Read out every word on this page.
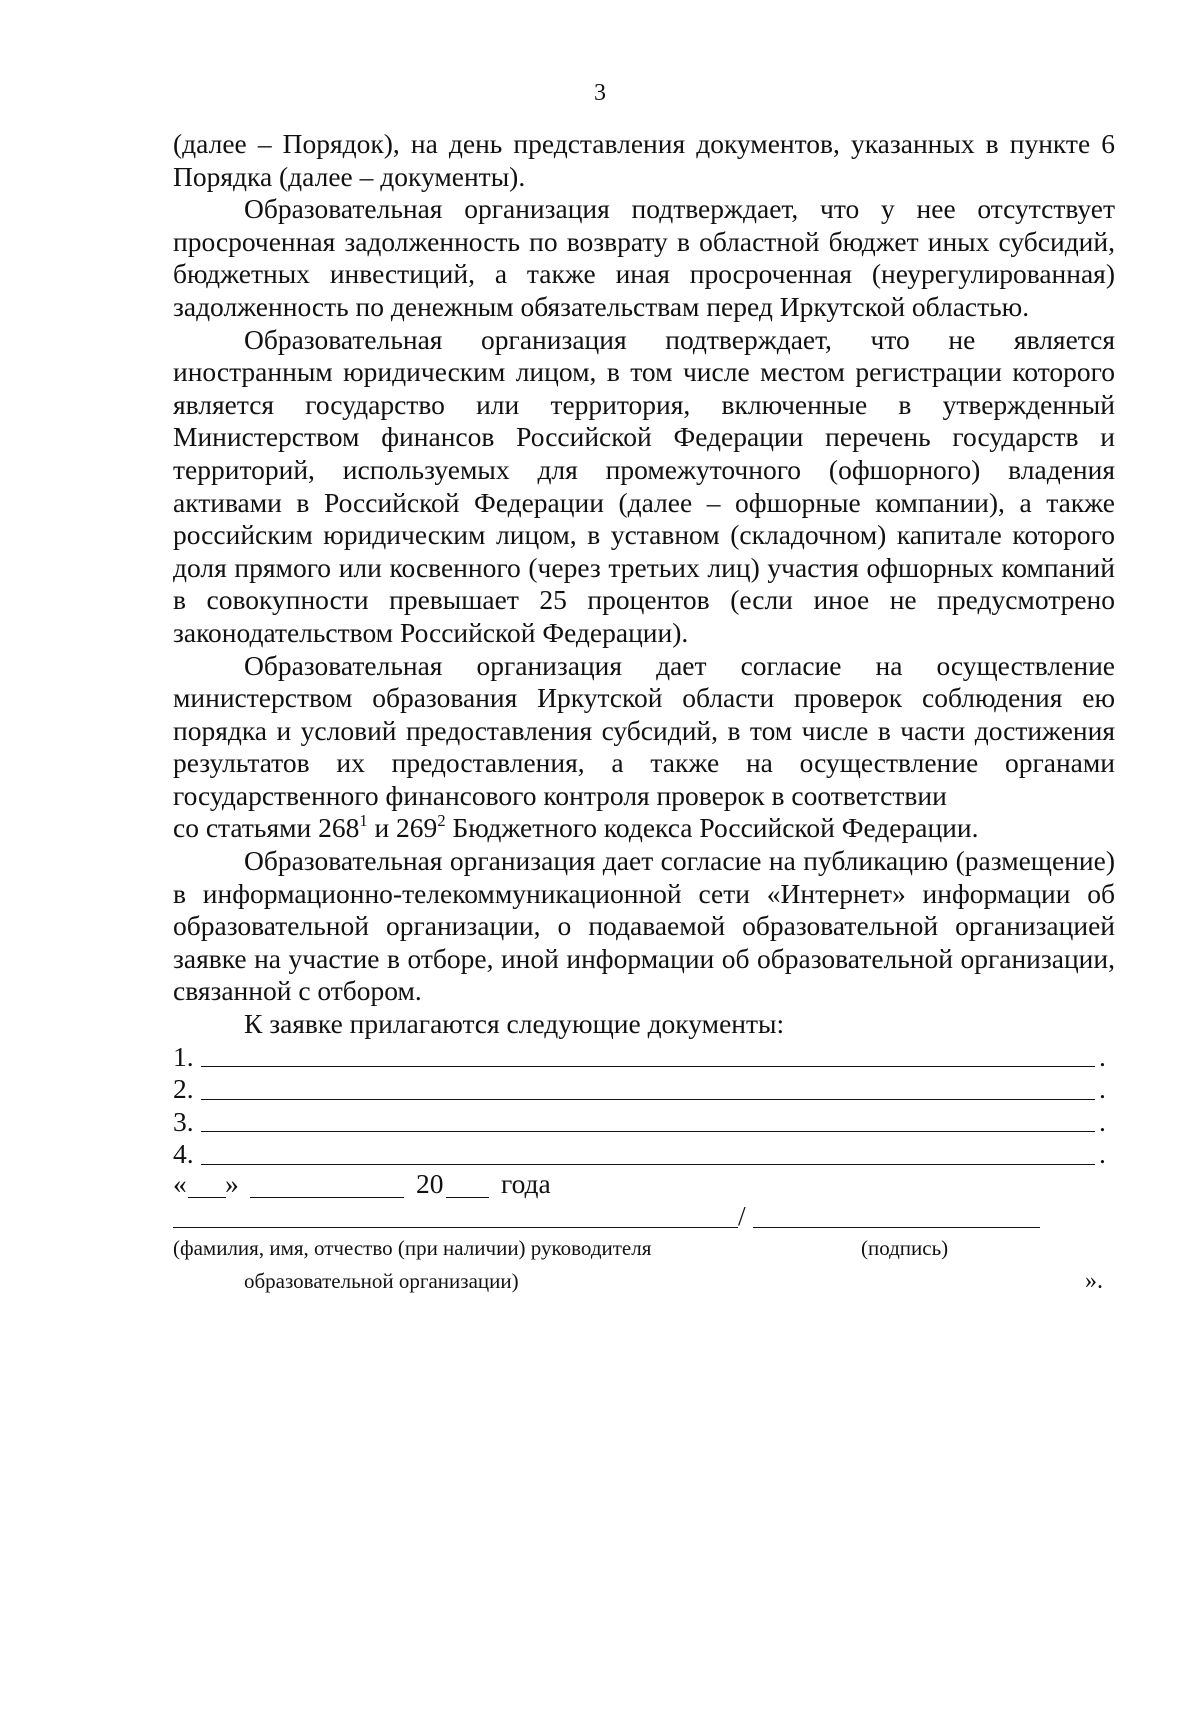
3

(далее – Порядок), на день представления документов, указанных в пункте 6 Порядка (далее – документы).

Образовательная организация подтверждает, что у нее отсутствует просроченная задолженность по возврату в областной бюджет иных субсидий, бюджетных инвестиций, а также иная просроченная (неурегулированная) задолженность по денежным обязательствам перед Иркутской областью.

Образовательная организация подтверждает, что не является иностранным юридическим лицом, в том числе местом регистрации которого является государство или территория, включенные в утвержденный Министерством финансов Российской Федерации перечень государств и территорий, используемых для промежуточного (офшорного) владения активами в Российской Федерации (далее – офшорные компании), а также российским юридическим лицом, в уставном (складочном) капитале которого доля прямого или косвенного (через третьих лиц) участия офшорных компаний в совокупности превышает 25 процентов (если иное не предусмотрено законодательством Российской Федерации).

Образовательная организация дает согласие на осуществление министерством образования Иркутской области проверок соблюдения ею порядка и условий предоставления субсидий, в том числе в части достижения результатов их предоставления, а также на осуществление органами государственного финансового контроля проверок в соответствии

со статьями $268^1$ и $269^2$ Бюджетного кодекса Российской Федерации.

Образовательная организация дает согласие на публикацию (размещение) в информационно-телекоммуникационной сети «Интернет» информации об образовательной организации, о подаваемой образовательной организацией заявке на участие в отборе, иной информации об образовательной организации, связанной с отбором.

К заявке прилагаются следующие документы:

1.	.
2.	.
3.	.
4.	.
« »	20 года
/
(фамилия, имя, отчество (при наличии) руководителя
образовательной организации)
(подпись)
».
